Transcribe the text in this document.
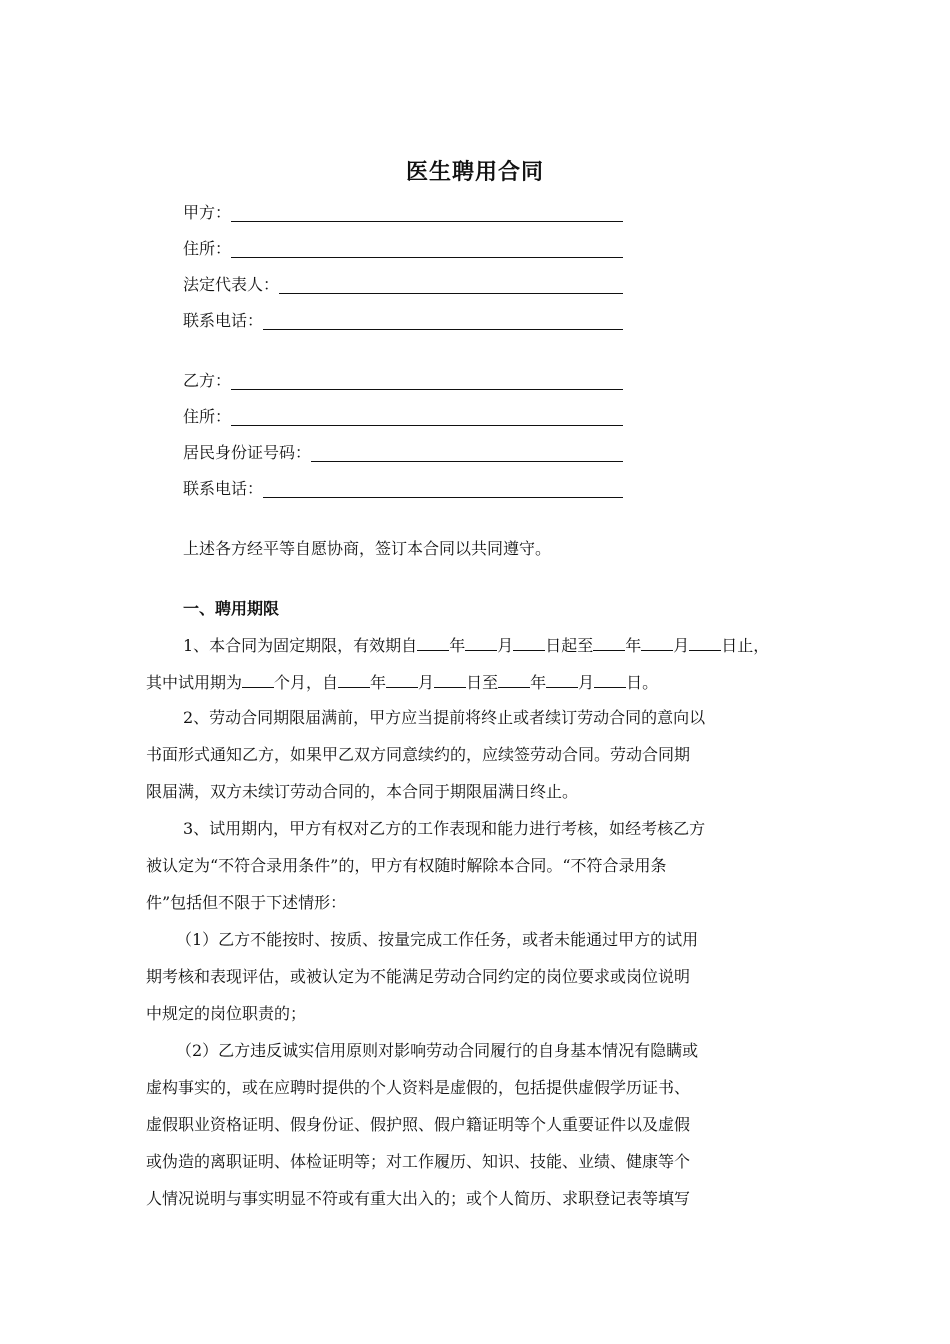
医生聘用合同
甲方：
住所：
法定代表人：
联系电话：
乙方：
住所：
居民身份证号码：
联系电话：
上述各方经平等自愿协商，签订本合同以共同遵守。
一、聘用期限
1、本合同为固定期限，有效期自 年 月 日起至 年 月 日止，
其中试用期为 个月，自 年 月 日至 年 月 日。
2、劳动合同期限届满前，甲方应当提前将终止或者续订劳动合同的意向以
书面形式通知乙方，如果甲乙双方同意续约的，应续签劳动合同。劳动合同期
限届满，双方未续订劳动合同的，本合同于期限届满日终止。
3、试用期内，甲方有权对乙方的工作表现和能力进行考核，如经考核乙方
被认定为“不符合录用条件”的，甲方有权随时解除本合同。“不符合录用条
件”包括但不限于下述情形：
（1）乙方不能按时、按质、按量完成工作任务，或者未能通过甲方的试用
期考核和表现评估，或被认定为不能满足劳动合同约定的岗位要求或岗位说明
中规定的岗位职责的；
（2）乙方违反诚实信用原则对影响劳动合同履行的自身基本情况有隐瞒或
虚构事实的，或在应聘时提供的个人资料是虚假的，包括提供虚假学历证书、
虚假职业资格证明、假身份证、假护照、假户籍证明等个人重要证件以及虚假
或伪造的离职证明、体检证明等；对工作履历、知识、技能、业绩、健康等个
人情况说明与事实明显不符或有重大出入的；或个人简历、求职登记表等填写
